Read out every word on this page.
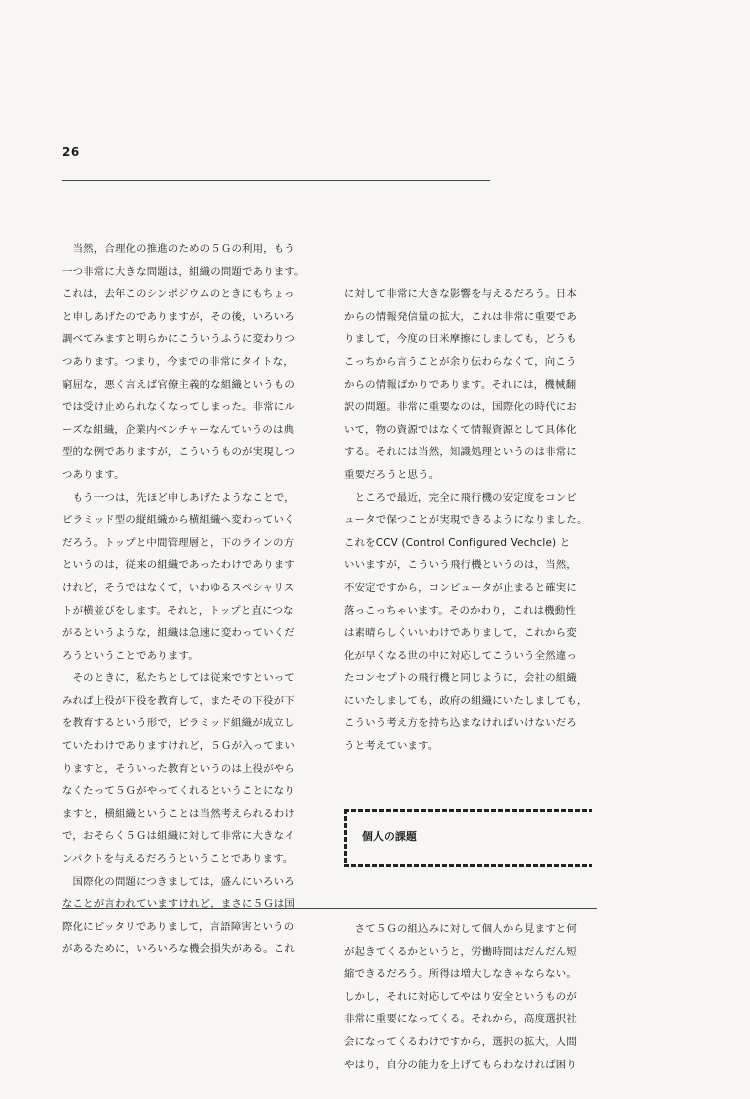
26
　当然，合理化の推進のための５Ｇの利用，もう
一つ非常に大きな問題は，組織の問題であります。
これは，去年このシンポジウムのときにもちょっ
と申しあげたのでありますが，その後，いろいろ
調べてみますと明らかにこういうふうに変わりつ
つあります。つまり，今までの非常にタイトな，
窮屈な，悪く言えば官僚主義的な組織というもの
では受け止められなくなってしまった。非常にル
ーズな組織，企業内ベンチャーなんていうのは典
型的な例でありますが，こういうものが実現しつ
つあります。
　もう一つは，先ほど申しあげたようなことで，
ピラミッド型の縦組織から横組織へ変わっていく
だろう。トップと中間管理層と，下のラインの方
というのは，従来の組織であったわけであります
けれど，そうではなくて，いわゆるスペシャリス
トが横並びをします。それと，トップと直につな
がるというような，組織は急速に変わっていくだ
ろうということであります。
　そのときに，私たちとしては従来ですといって
みれば上役が下役を教育して，またその下役が下
を教育するという形で，ピラミッド組織が成立し
ていたわけでありますけれど，５Ｇが入ってまい
りますと，そういった教育というのは上役がやら
なくたって５Ｇがやってくれるということになり
ますと，横組織ということは当然考えられるわけ
で，おそらく５Ｇは組織に対して非常に大きなイ
ンパクトを与えるだろうということであります。
　国際化の問題につきましては，盛んにいろいろ
なことが言われていますけれど，まさに５Ｇは国
際化にピッタリでありまして，言語障害というの
があるために，いろいろな機会損失がある。これ

に対して非常に大きな影響を与えるだろう。日本
からの情報発信量の拡大，これは非常に重要であ
りまして，今度の日米摩擦にしましても，どうも
こっちから言うことが余り伝わらなくて，向こう
からの情報ばかりであります。それには，機械翻
訳の問題。非常に重要なのは，国際化の時代にお
いて，物の資源ではなくて情報資源として具体化
する。それには当然，知識処理というのは非常に
重要だろうと思う。
　ところで最近，完全に飛行機の安定度をコンピ
ュータで保つことが実現できるようになりました。
これをCCV (Control Configured Vechcle) と
いいますが，こういう飛行機というのは，当然，
不安定ですから，コンピュータが止まると確実に
落っこっちゃいます。そのかわり，これは機動性
は素晴らしくいいわけでありまして，これから変
化が早くなる世の中に対応してこういう全然違っ
たコンセプトの飛行機と同じように，会社の組織
にいたしましても，政府の組織にいたしましても，
こういう考え方を持ち込まなければいけないだろ
うと考えています。

個人の課題

　さて５Ｇの組込みに対して個人から見ますと何
が起きてくるかというと，労働時間はだんだん短
縮できるだろう。所得は増大しなきゃならない。
しかし，それに対応してやはり安全というものが
非常に重要になってくる。それから，高度選択社
会になってくるわけですから，選択の拡大，人間
やはり，自分の能力を上げてもらわなければ困り
